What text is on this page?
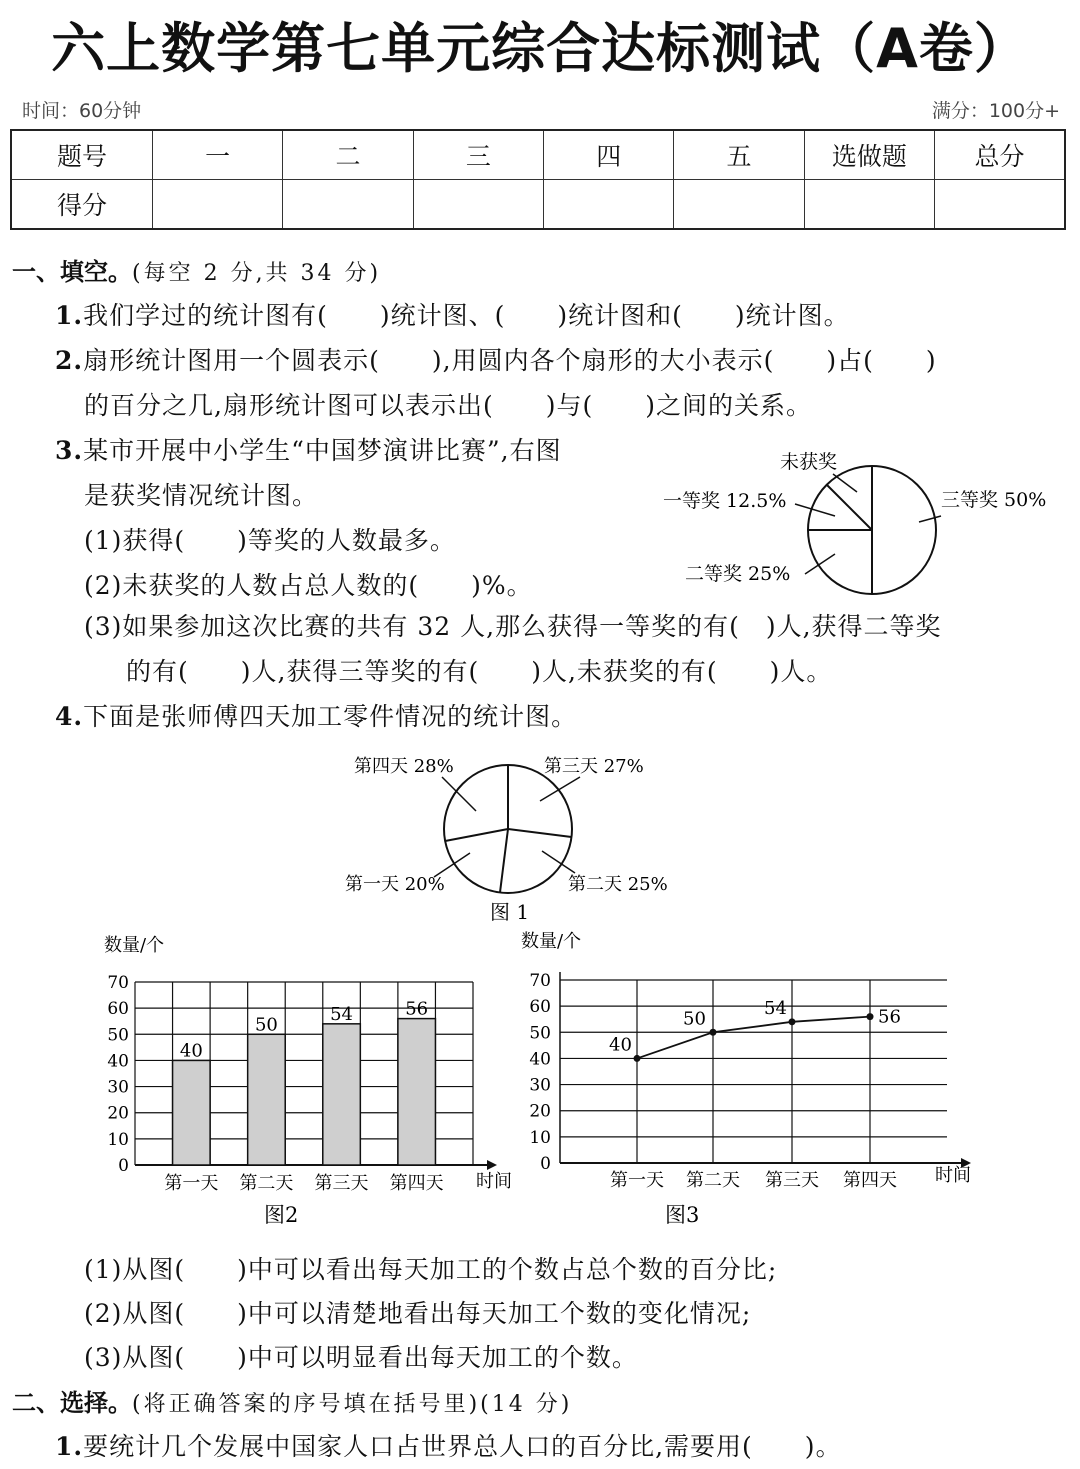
六上数学第七单元综合达标测试（A卷）
时间：60分钟	满分：100分+
题号	一	二	三	四	五	选做题	总分
得分							
一、填空。(每空 2 分,共 34 分)
1.我们学过的统计图有(　　)统计图、(　　)统计图和(　　)统计图。
2.扇形统计图用一个圆表示(　　),用圆内各个扇形的大小表示(　　)占(　　)
的百分之几,扇形统计图可以表示出(　　)与(　　)之间的关系。
3.某市开展中小学生“中国梦演讲比赛”,右图
是获奖情况统计图。
(1)获得(　　)等奖的人数最多。
(2)未获奖的人数占总人数的(　　)%。
(3)如果参加这次比赛的共有 32 人,那么获得一等奖的有(　)人,获得二等奖
的有(　　)人,获得三等奖的有(　　)人,未获奖的有(　　)人。
未获奖
一等奖 12.5%
二等奖 25%
三等奖 50%
4.下面是张师傅四天加工零件情况的统计图。
第四天 28%	第三天 27%
第一天 20%	第二天 25%
图 1
数量/个
0
10
20
30
40
50
60
70
40
第一天
50
第二天
54
第三天
56
第四天 时间
图2
数量/个
0
10
20
30
40
50
60
70
40
第一天
50
第二天
54
第三天
56
第四天 时间
图3
(1)从图(　　)中可以看出每天加工的个数占总个数的百分比;
(2)从图(　　)中可以清楚地看出每天加工个数的变化情况;
(3)从图(　　)中可以明显看出每天加工的个数。
二、选择。(将正确答案的序号填在括号里)(14 分)
1.要统计几个发展中国家人口占世界总人口的百分比,需要用(　　)。
